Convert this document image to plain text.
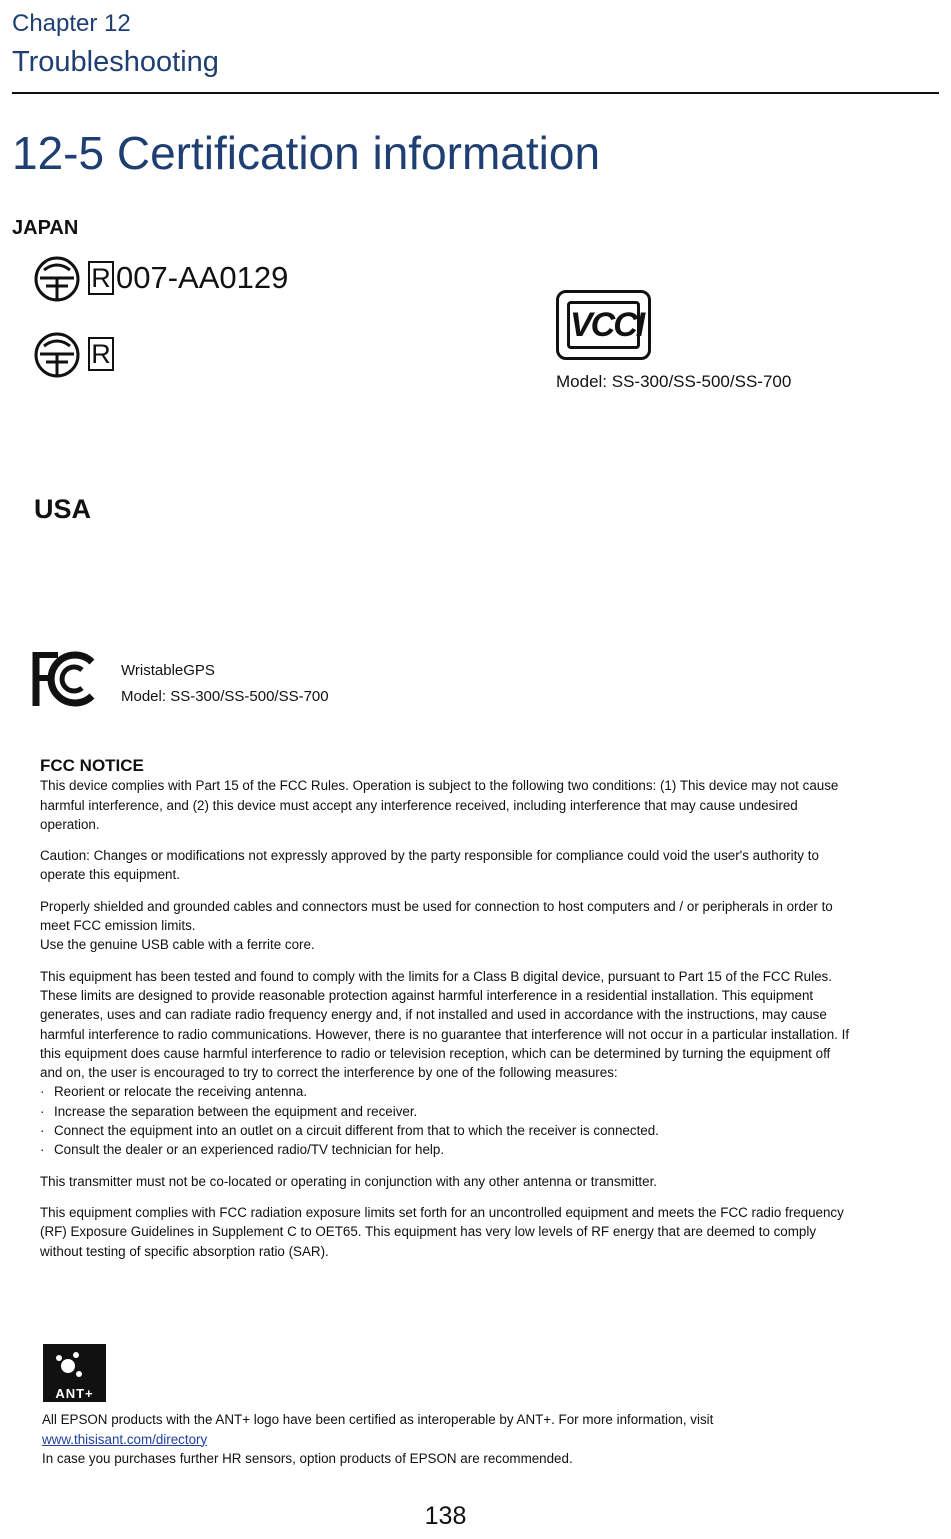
Chapter 12
Troubleshooting
12-5 Certification information
JAPAN
R 007-AA0129
R
VCCI
Model: SS-300/SS-500/SS-700
USA
WristableGPS
Model: SS-300/SS-500/SS-700
FCC NOTICE

This device complies with Part 15 of the FCC Rules. Operation is subject to the following two conditions: (1) This device may not cause harmful interference, and (2) this device must accept any interference received, including interference that may cause undesired operation.

Caution: Changes or modifications not expressly approved by the party responsible for compliance could void the user's authority to operate this equipment.

Properly shielded and grounded cables and connectors must be used for connection to host computers and / or peripherals in order to meet FCC emission limits.
Use the genuine USB cable with a ferrite core.

This equipment has been tested and found to comply with the limits for a Class B digital device, pursuant to Part 15 of the FCC Rules. These limits are designed to provide reasonable protection against harmful interference in a residential installation. This equipment generates, uses and can radiate radio frequency energy and, if not installed and used in accordance with the instructions, may cause harmful interference to radio communications. However, there is no guarantee that interference will not occur in a particular installation. If this equipment does cause harmful interference to radio or television reception, which can be determined by turning the equipment off and on, the user is encouraged to try to correct the interference by one of the following measures:

· Reorient or relocate the receiving antenna.
· Increase the separation between the equipment and receiver.
· Connect the equipment into an outlet on a circuit different from that to which the receiver is connected.
· Consult the dealer or an experienced radio/TV technician for help.

This transmitter must not be co-located or operating in conjunction with any other antenna or transmitter.

This equipment complies with FCC radiation exposure limits set forth for an uncontrolled equipment and meets the FCC radio frequency (RF) Exposure Guidelines in Supplement C to OET65. This equipment has very low levels of RF energy that are deemed to comply without testing of specific absorption ratio (SAR).

ANT+
All EPSON products with the ANT+ logo have been certified as interoperable by ANT+. For more information, visit
www.thisisant.com/directory
In case you purchases further HR sensors, option products of EPSON are recommended.
138
